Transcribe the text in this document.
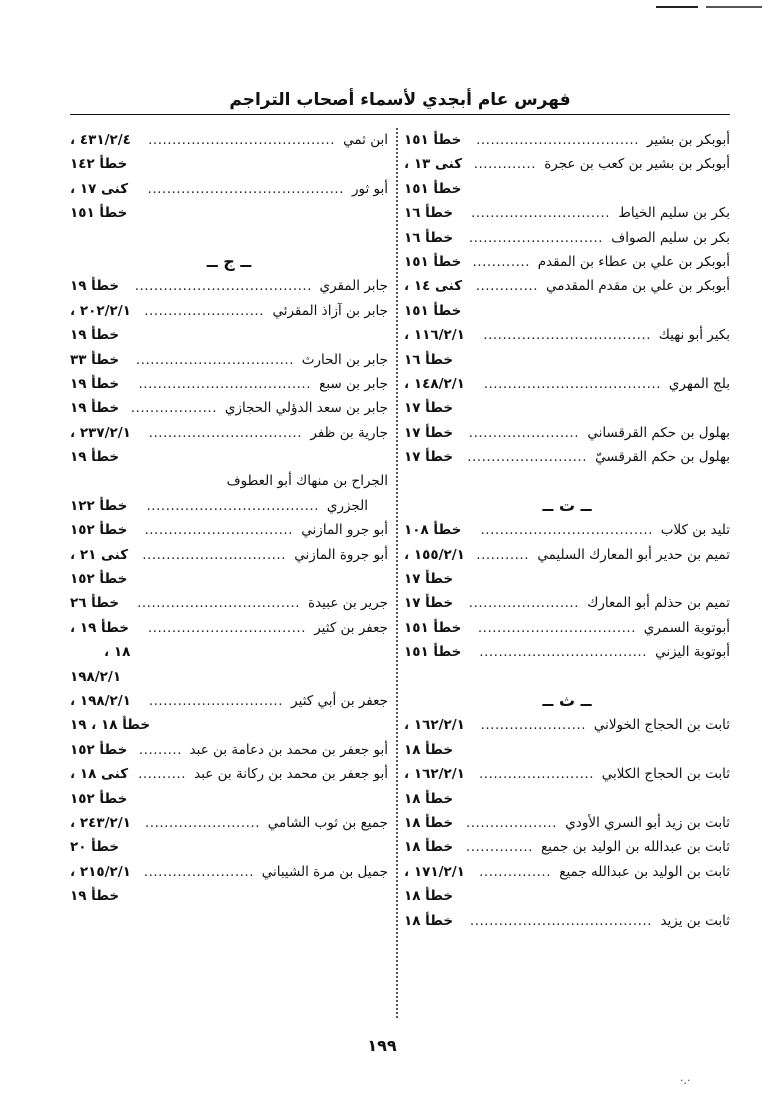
فهرس عام أبجدي لأسماء أصحاب التراجم
أبوبكر بن بشير
..................................
خطأ ١٥١
أبوبكر بن بشير بن كعب بن عجرة
.............
كنى ١٣ ،
خطأ ١٥١
بكر بن سليم الخياط
.............................
خطأ ١٦
بكر بن سليم الصواف
............................
خطأ ١٦
أبوبكر بن علي بن عطاء بن المقدم
............
خطأ ١٥١
أبوبكر بن علي بن مقدم المقدمي
.............
كنى ١٤ ،
خطأ ١٥١
بكير أبو نهيك
...................................
١١٦/٢/١ ،
خطأ ١٦
بلج المهري
.....................................
١٤٨/٢/١ ،
خطأ ١٧
بهلول بن حكم القرقساني
.......................
خطأ ١٧
بهلول بن حكم القرقسيّ
.........................
خطأ ١٧
ــ ت ــ
تليد بن كلاب
....................................
خطأ ١٠٨
تميم بن حدير أبو المعارك السليمي
...........
١٥٥/٢/١ ،
خطأ ١٧
تميم بن حذلم أبو المعارك
.......................
خطأ ١٧
أبوتوبة السمري
.................................
خطأ ١٥١
أبوتوبة اليزني
...................................
خطأ ١٥١
ــ ث ــ
ثابت بن الحجاج الخولاني
......................
١٦٢/٢/١ ،
خطأ ١٨
ثابت بن الحجاج الكلابي
........................
١٦٢/٢/١ ،
خطأ ١٨
ثابت بن زيد أبو السري الأودي
...................
خطأ ١٨
ثابت بن عبدالله بن الوليد بن جميع
..............
خطأ ١٨
ثابت بن الوليد بن عبدالله جميع
...............
١٧١/٢/١ ،
خطأ ١٨
ثابت بن يزيد
......................................
خطأ ١٨
ابن ثمي
.......................................
٤٣١/٢/٤ ،
خطأ ١٤٢
أبو ثور
.........................................
كنى ١٧ ،
خطأ ١٥١
ــ ج ــ
جابر المقري
.....................................
خطأ ١٩
جابر بن آزاذ المقرئي
.........................
٢٠٢/٢/١ ،
خطأ ١٩
جابر بن الحارث
.................................
خطأ ٣٣
جابر بن سبع
....................................
خطأ ١٩
جابر بن سعد الدؤلي الحجازي
..................
خطأ ١٩
جارية بن ظفر
................................
٢٣٧/٢/١ ،
خطأ ١٩
الجراح بن منهاك أبو العطوف
الجزري
....................................
خطأ ١٢٢
أبو جرو المازني
...............................
خطأ ١٥٢
أبو جروة المازني
..............................
كنى ٢١ ،
خطأ ١٥٢
جرير بن عبيدة
..................................
خطأ ٢٦
جعفر بن كثير
.................................
خطأ ١٩ ،
١٨ ،
١٩٨/٢/١
جعفر بن أبي كثير
............................
١٩٨/٢/١ ،
خطأ ١٨ ، ١٩
أبو جعفر بن محمد بن دعامة بن عبد
.........
خطأ ١٥٢
أبو جعفر بن محمد بن ركانة بن عبد
..........
كنى ١٨ ،
خطأ ١٥٢
جميع بن ثوب الشامي
........................
٢٤٣/٢/١ ،
خطأ ٢٠
جميل بن مرة الشيباني
.......................
٢١٥/٢/١ ،
خطأ ١٩
١٩٩
·.·
